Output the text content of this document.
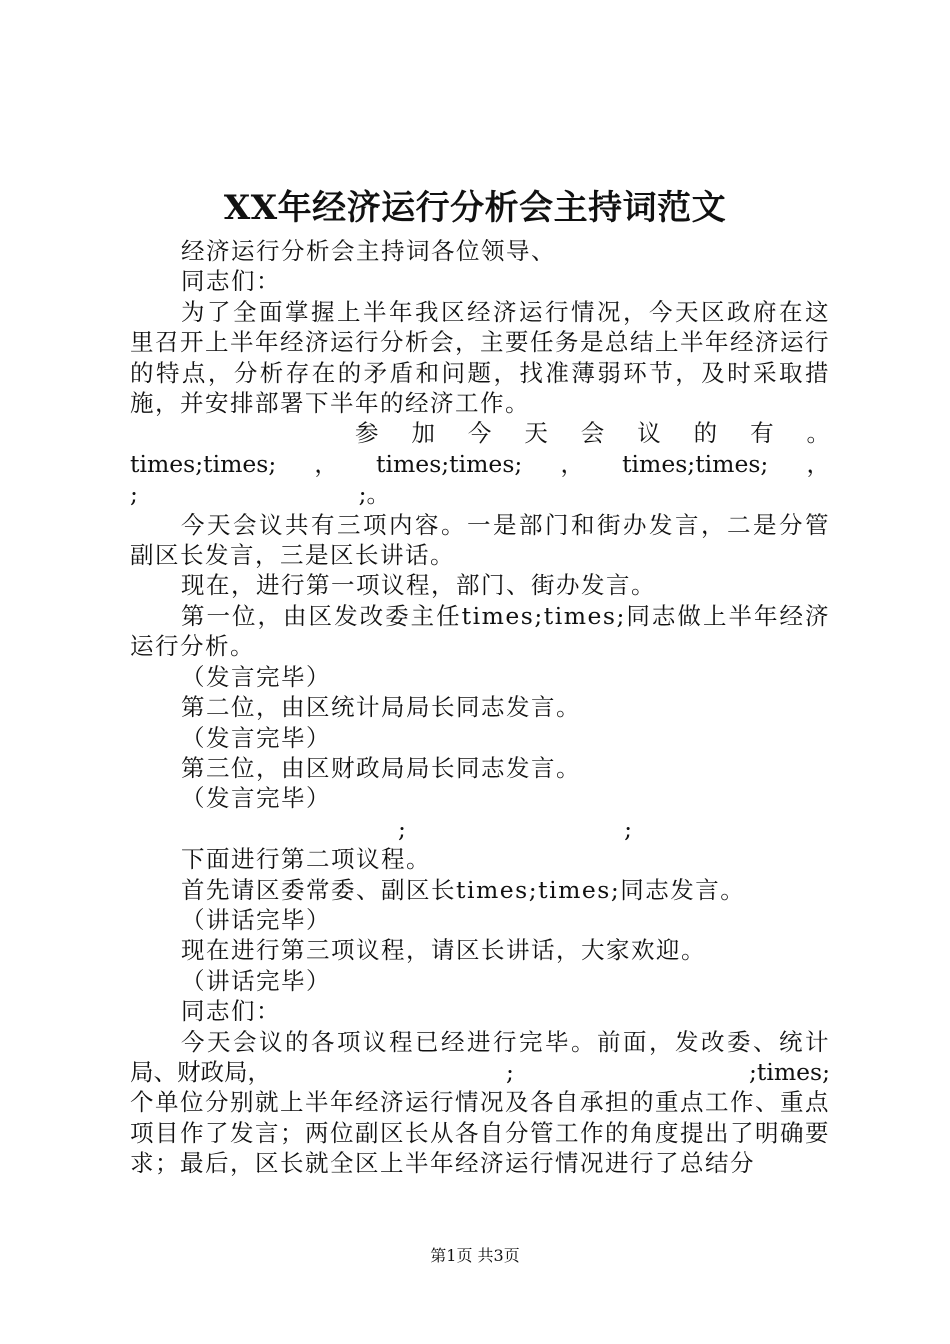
XX年经济运行分析会主持词范文

经济运行分析会主持词各位领导、

同志们：

为了全面掌握上半年我区经济运行情况，今天区政府在这里召开上半年经济运行分析会，主要任务是总结上半年经济运行的特点，分析存在的矛盾和问题，找准薄弱环节，及时采取措施，并安排部署下半年的经济工作。

参 加 今 天 会 议 的 有 。
times;times; ， times;times; ， times;times; ，
;	;。

今天会议共有三项内容。一是部门和街办发言，二是分管副区长发言，三是区长讲话。

现在，进行第一项议程，部门、街办发言。

第一位，由区发改委主任times;times;同志做上半年经济运行分析。

（发言完毕）

第二位，由区统计局局长同志发言。

（发言完毕）

第三位，由区财政局局长同志发言。

（发言完毕）

;	;

下面进行第二项议程。

首先请区委常委、副区长times;times;同志发言。

（讲话完毕）

现在进行第三项议程，请区长讲话，大家欢迎。

（讲话完毕）

同志们：

今天会议的各项议程已经进行完毕。前面，发改委、统计

局、财政局，	;	;times;

个单位分别就上半年经济运行情况及各自承担的重点工作、重点项目作了发言；两位副区长从各自分管工作的角度提出了明确要求；最后，区长就全区上半年经济运行情况进行了总结分

第1页 共3页
